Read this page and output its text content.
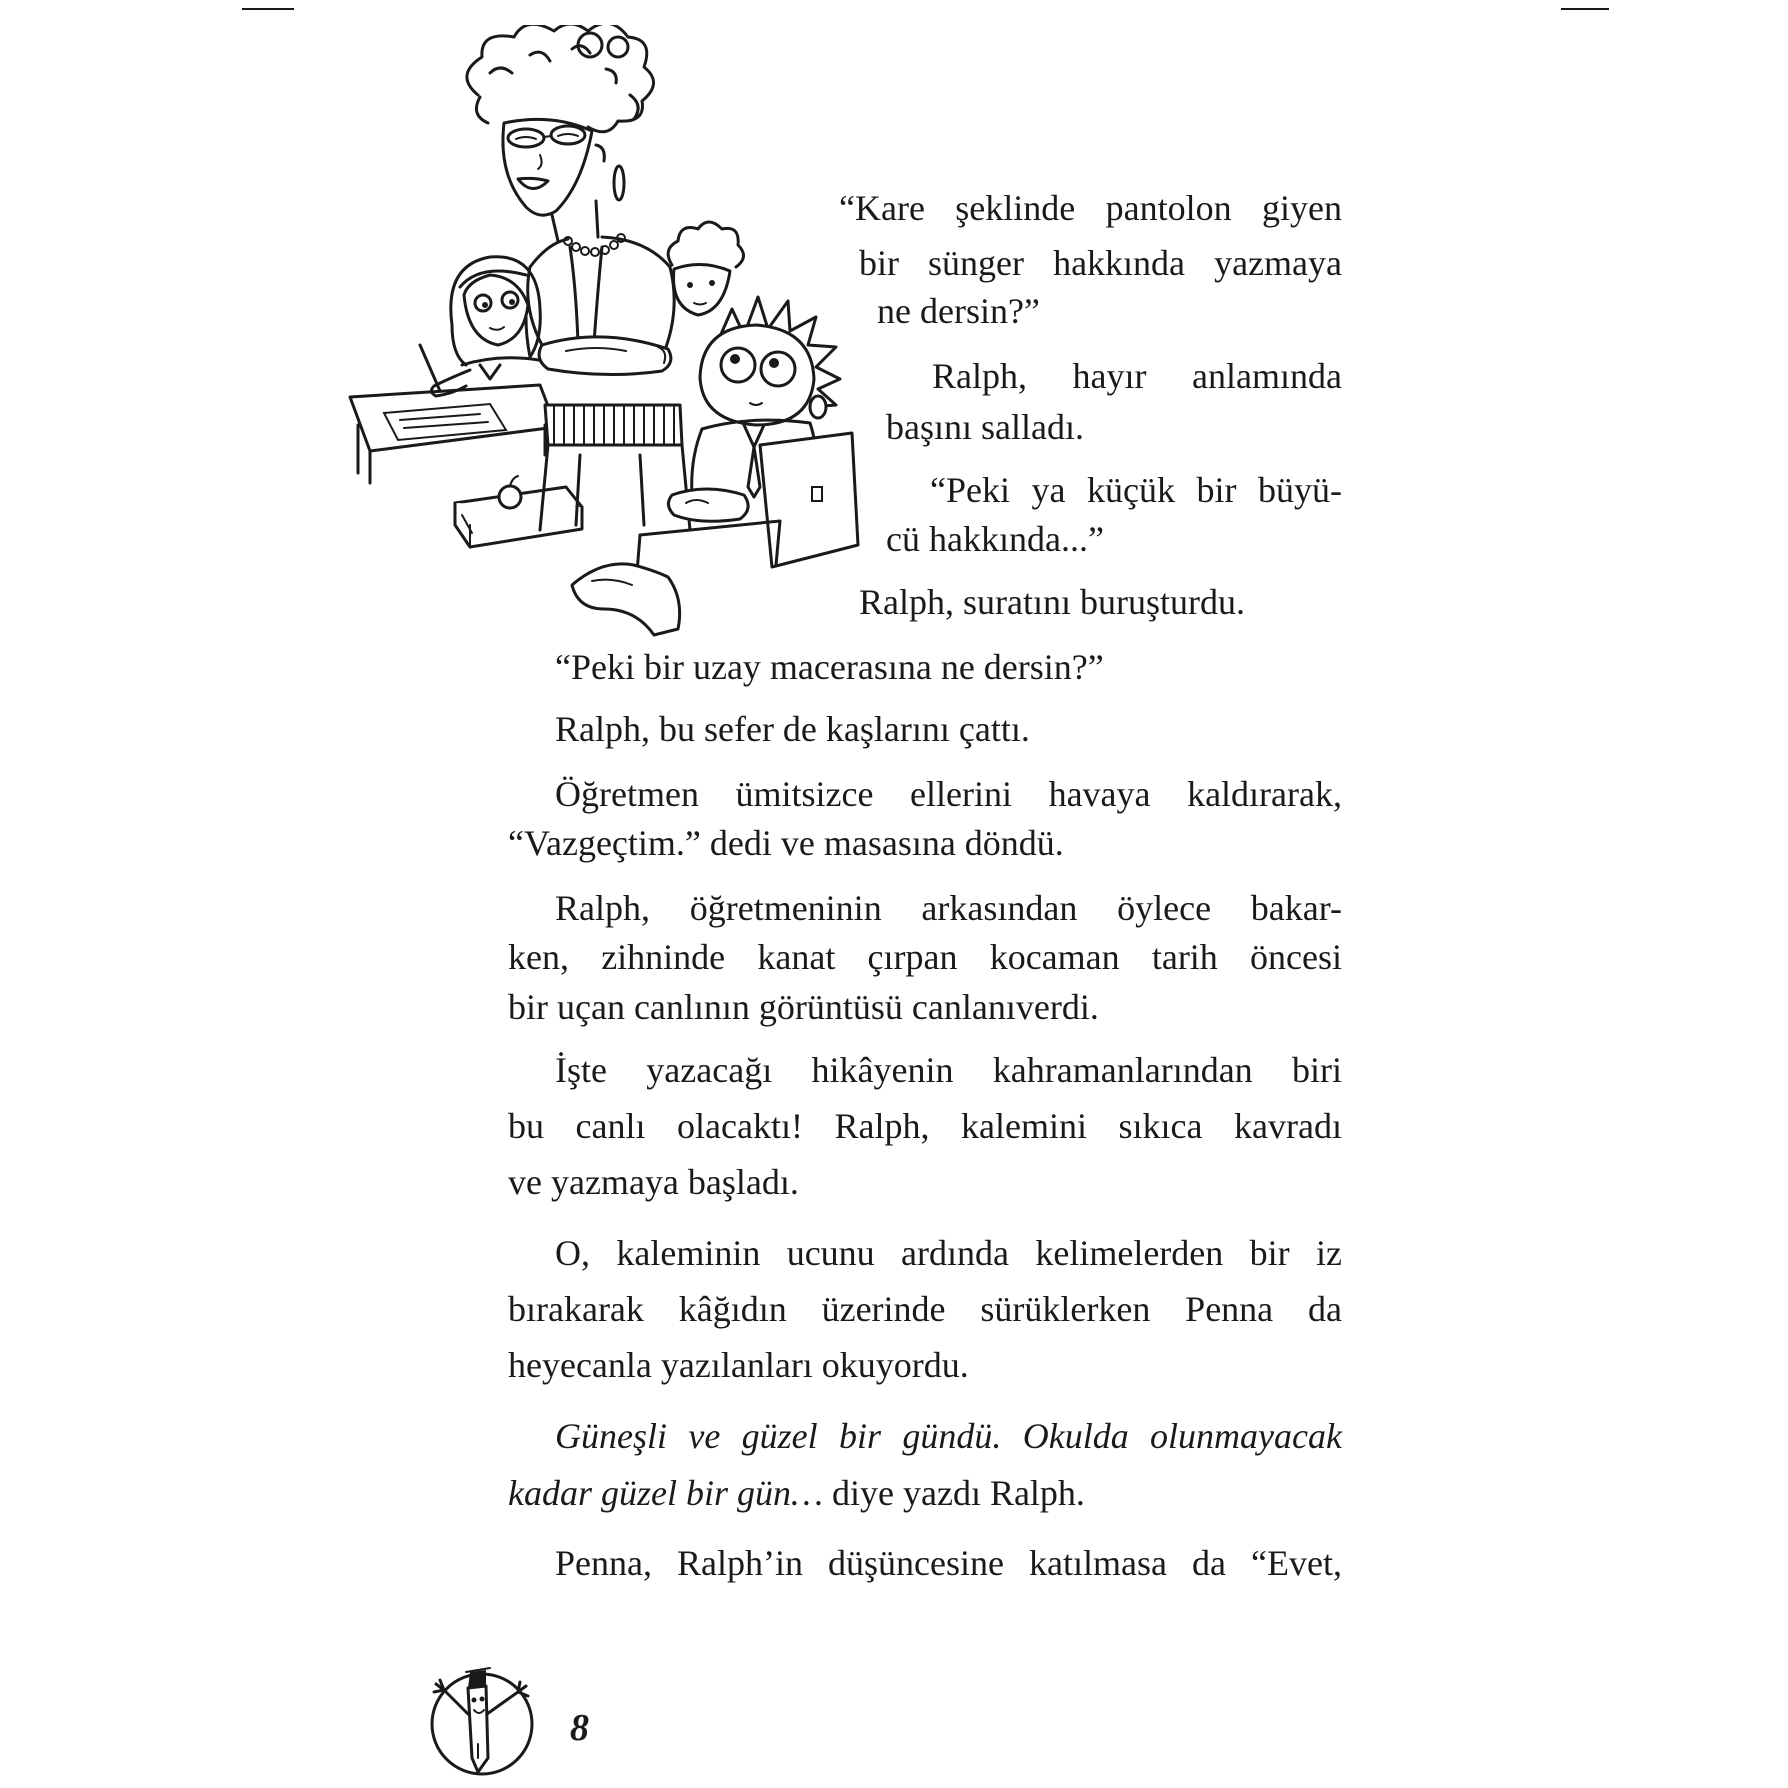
“Kare şeklinde pantolon giyen
bir sünger hakkında yazmaya
ne dersin?”
Ralph, hayır anlamında
başını salladı.
“Peki ya küçük bir büyü-
cü hakkında...”
Ralph, suratını buruşturdu.
“Peki bir uzay macerasına ne dersin?”
Ralph, bu sefer de kaşlarını çattı.
Öğretmen ümitsizce ellerini havaya kaldırarak,
“Vazgeçtim.” dedi ve masasına döndü.
Ralph, öğretmeninin arkasından öylece bakar-
ken, zihninde kanat çırpan kocaman tarih öncesi
bir uçan canlının görüntüsü canlanıverdi.
İşte yazacağı hikâyenin kahramanlarından biri
bu canlı olacaktı! Ralph, kalemini sıkıca kavradı
ve yazmaya başladı.
O, kaleminin ucunu ardında kelimelerden bir iz
bırakarak kâğıdın üzerinde sürüklerken Penna da
heyecanla yazılanları okuyordu.
Güneşli ve güzel bir gündü. Okulda olunmayacak
kadar güzel bir gün… diye yazdı Ralph.
Penna, Ralph’in düşüncesine katılmasa da “Evet,
8
